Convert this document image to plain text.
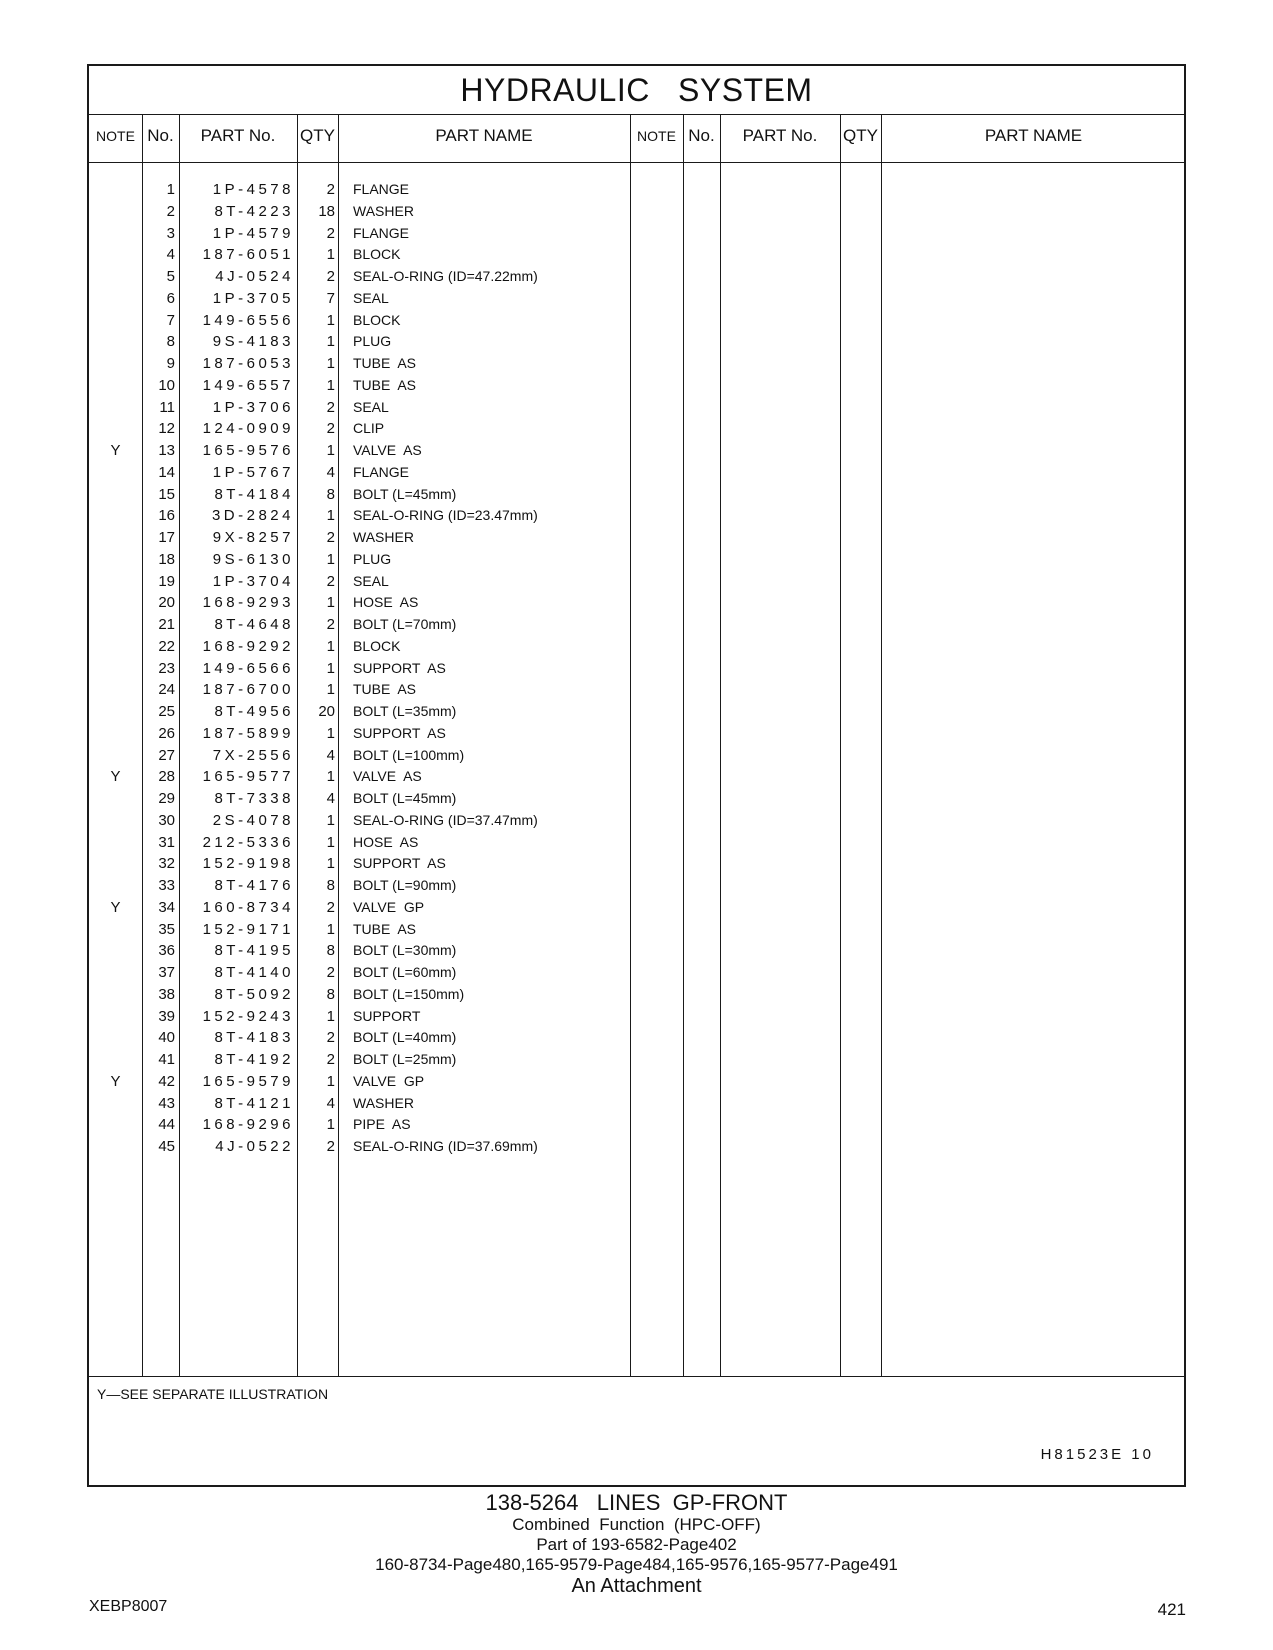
HYDRAULIC   SYSTEM
NOTE No.	PART No.	QTY	PART NAME	NOTE No.	PART No.	QTY	PART NAME
1	1P-4578	2 FLANGE
2	8T-4223	18 WASHER
3	1P-4579	2 FLANGE
4	187-6051	1 BLOCK
5	4J-0524	2 SEAL-O-RING (ID=47.22mm)
6	1P-3705	7 SEAL
7	149-6556	1 BLOCK
8	9S-4183	1 PLUG
9	187-6053	1 TUBE  AS
10	149-6557	1 TUBE  AS
11	1P-3706	2 SEAL
12	124-0909	2 CLIP
Y	13	165-9576	1 VALVE  AS
14	1P-5767	4 FLANGE
15	8T-4184	8 BOLT (L=45mm)
16	3D-2824	1 SEAL-O-RING (ID=23.47mm)
17	9X-8257	2 WASHER
18	9S-6130	1 PLUG
19	1P-3704	2 SEAL
20	168-9293	1 HOSE  AS
21	8T-4648	2 BOLT (L=70mm)
22	168-9292	1 BLOCK
23	149-6566	1 SUPPORT  AS
24	187-6700	1 TUBE  AS
25	8T-4956	20 BOLT (L=35mm)
26	187-5899	1 SUPPORT  AS
27	7X-2556	4 BOLT (L=100mm)
Y	28	165-9577	1 VALVE  AS
29	8T-7338	4 BOLT (L=45mm)
30	2S-4078	1 SEAL-O-RING (ID=37.47mm)
31	212-5336	1 HOSE  AS
32	152-9198	1 SUPPORT  AS
33	8T-4176	8 BOLT (L=90mm)
Y	34	160-8734	2 VALVE  GP
35	152-9171	1 TUBE  AS
36	8T-4195	8 BOLT (L=30mm)
37	8T-4140	2 BOLT (L=60mm)
38	8T-5092	8 BOLT (L=150mm)
39	152-9243	1 SUPPORT
40	8T-4183	2 BOLT (L=40mm)
41	8T-4192	2 BOLT (L=25mm)
Y	42	165-9579	1 VALVE  GP
43	8T-4121	4 WASHER
44	168-9296	1 PIPE  AS
45	4J-0522	2 SEAL-O-RING (ID=37.69mm)
Y—SEE SEPARATE ILLUSTRATION
H81523E 10
138-5264   LINES  GP-FRONT
Combined  Function  (HPC-OFF)
Part of 193-6582-Page402
160-8734-Page480,165-9579-Page484,165-9576,165-9577-Page491
An Attachment
XEBP8007	421
